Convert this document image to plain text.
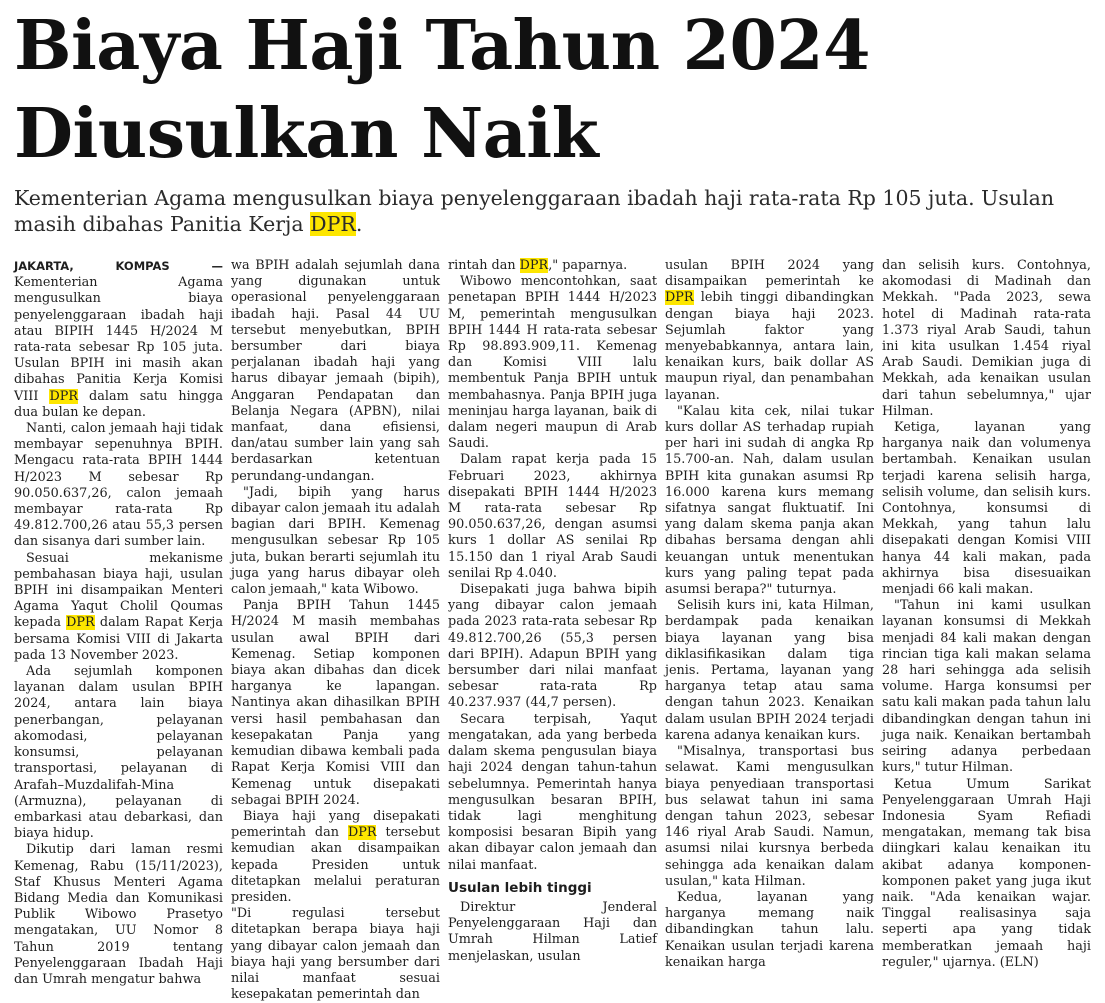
Biaya Haji Tahun 2024
Diusulkan Naik

Kementerian Agama mengusulkan biaya penyelenggaraan ibadah haji rata-rata Rp 105 juta. Usulan masih dibahas Panitia Kerja DPR.

JAKARTA, KOMPAS — Kementerian Agama mengusulkan biaya penyelenggaraan ibadah haji atau BIPIH 1445 H/2024 M rata-rata sebesar Rp 105 juta. Usulan BPIH ini masih akan dibahas Panitia Kerja Komisi VIII DPR dalam satu hingga dua bulan ke depan.

Nanti, calon jemaah haji tidak membayar sepenuhnya BPIH. Mengacu rata-rata BPIH 1444 H/2023 M sebesar Rp 90.050.637,26, calon jemaah membayar rata-rata Rp 49.812.700,26 atau 55,3 persen dan sisanya dari sumber lain.

Sesuai mekanisme pembahasan biaya haji, usulan BPIH ini disampaikan Menteri Agama Yaqut Cholil Qoumas kepada DPR dalam Rapat Kerja bersama Komisi VIII di Jakarta pada 13 November 2023.

Ada sejumlah komponen layanan dalam usulan BPIH 2024, antara lain biaya penerbangan, pelayanan akomodasi, pelayanan konsumsi, pelayanan transportasi, pelayanan di Arafah–Muzdalifah-Mina (Armuzna), pelayanan di embarkasi atau debarkasi, dan biaya hidup.

Dikutip dari laman resmi Kemenag, Rabu (15/11/2023), Staf Khusus Menteri Agama Bidang Media dan Komunikasi Publik Wibowo Prasetyo mengatakan, UU Nomor 8 Tahun 2019 tentang Penyelenggaraan Ibadah Haji dan Umrah mengatur bahwa

wa BPIH adalah sejumlah dana yang digunakan untuk operasional penyelenggaraan ibadah haji. Pasal 44 UU tersebut menyebutkan, BPIH bersumber dari biaya perjalanan ibadah haji yang harus dibayar jemaah (bipih), Anggaran Pendapatan dan Belanja Negara (APBN), nilai manfaat, dana efisiensi, dan/atau sumber lain yang sah berdasarkan ketentuan perundang-undangan.

"Jadi, bipih yang harus dibayar calon jemaah itu adalah bagian dari BPIH. Kemenag mengusulkan sebesar Rp 105 juta, bukan berarti sejumlah itu juga yang harus dibayar oleh calon jemaah," kata Wibowo.

Panja BPIH Tahun 1445 H/2024 M masih membahas usulan awal BPIH dari Kemenag. Setiap komponen biaya akan dibahas dan dicek harganya ke lapangan. Nantinya akan dihasilkan BPIH versi hasil pembahasan dan kesepakatan Panja yang kemudian dibawa kembali pada Rapat Kerja Komisi VIII dan Kemenag untuk disepakati sebagai BPIH 2024.

Biaya haji yang disepakati pemerintah dan DPR tersebut kemudian akan disampaikan kepada Presiden untuk ditetapkan melalui peraturan presiden.

"Di regulasi tersebut ditetapkan berapa biaya haji yang dibayar calon jemaah dan biaya haji yang bersumber dari nilai manfaat sesuai kesepakatan pemerintah dan

rintah dan DPR," paparnya.

Wibowo mencontohkan, saat penetapan BPIH 1444 H/2023 M, pemerintah mengusulkan BPIH 1444 H rata-rata sebesar Rp 98.893.909,11. Kemenag dan Komisi VIII lalu membentuk Panja BPIH untuk membahasnya. Panja BPIH juga meninjau harga layanan, baik di dalam negeri maupun di Arab Saudi.

Dalam rapat kerja pada 15 Februari 2023, akhirnya disepakati BPIH 1444 H/2023 M rata-rata sebesar Rp 90.050.637,26, dengan asumsi kurs 1 dollar AS senilai Rp 15.150 dan 1 riyal Arab Saudi senilai Rp 4.040.

Disepakati juga bahwa bipih yang dibayar calon jemaah pada 2023 rata-rata sebesar Rp 49.812.700,26 (55,3 persen dari BPIH). Adapun BPIH yang bersumber dari nilai manfaat sebesar rata-rata Rp 40.237.937 (44,7 persen).

Secara terpisah, Yaqut mengatakan, ada yang berbeda dalam skema pengusulan biaya haji 2024 dengan tahun-tahun sebelumnya. Pemerintah hanya mengusulkan besaran BPIH, tidak lagi menghitung komposisi besaran Bipih yang akan dibayar calon jemaah dan nilai manfaat.

Usulan lebih tinggi

Direktur Jenderal Penyelenggaraan Haji dan Umrah Hilman Latief menjelaskan, usulan

usulan BPIH 2024 yang disampaikan pemerintah ke DPR lebih tinggi dibandingkan dengan biaya haji 2023. Sejumlah faktor yang menyebabkannya, antara lain, kenaikan kurs, baik dollar AS maupun riyal, dan penambahan layanan.

"Kalau kita cek, nilai tukar kurs dollar AS terhadap rupiah per hari ini sudah di angka Rp 15.700-an. Nah, dalam usulan BPIH kita gunakan asumsi Rp 16.000 karena kurs memang sifatnya sangat fluktuatif. Ini yang dalam skema panja akan dibahas bersama dengan ahli keuangan untuk menentukan kurs yang paling tepat pada asumsi berapa?" tuturnya.

Selisih kurs ini, kata Hilman, berdampak pada kenaikan biaya layanan yang bisa diklasifikasikan dalam tiga jenis. Pertama, layanan yang harganya tetap atau sama dengan tahun 2023. Kenaikan dalam usulan BPIH 2024 terjadi karena adanya kenaikan kurs.

"Misalnya, transportasi bus selawat. Kami mengusulkan biaya penyediaan transportasi bus selawat tahun ini sama dengan tahun 2023, sebesar 146 riyal Arab Saudi. Namun, asumsi nilai kursnya berbeda sehingga ada kenaikan dalam usulan," kata Hilman.

Kedua, layanan yang harganya memang naik dibandingkan tahun lalu. Kenaikan usulan terjadi karena kenaikan harga

dan selisih kurs. Contohnya, akomodasi di Madinah dan Mekkah. "Pada 2023, sewa hotel di Madinah rata-rata 1.373 riyal Arab Saudi, tahun ini kita usulkan 1.454 riyal Arab Saudi. Demikian juga di Mekkah, ada kenaikan usulan dari tahun sebelumnya," ujar Hilman.

Ketiga, layanan yang harganya naik dan volumenya bertambah. Kenaikan usulan terjadi karena selisih harga, selisih volume, dan selisih kurs. Contohnya, konsumsi di Mekkah, yang tahun lalu disepakati dengan Komisi VIII hanya 44 kali makan, pada akhirnya bisa disesuaikan menjadi 66 kali makan.

"Tahun ini kami usulkan layanan konsumsi di Mekkah menjadi 84 kali makan dengan rincian tiga kali makan selama 28 hari sehingga ada selisih volume. Harga konsumsi per satu kali makan pada tahun lalu dibandingkan dengan tahun ini juga naik. Kenaikan bertambah seiring adanya perbedaan kurs," tutur Hilman.

Ketua Umum Sarikat Penyelenggaraan Umrah Haji Indonesia Syam Refiadi mengatakan, memang tak bisa diingkari kalau kenaikan itu akibat adanya komponen-komponen paket yang juga ikut naik. "Ada kenaikan wajar. Tinggal realisasinya saja seperti apa yang tidak memberatkan jemaah haji reguler," ujarnya. (ELN)
